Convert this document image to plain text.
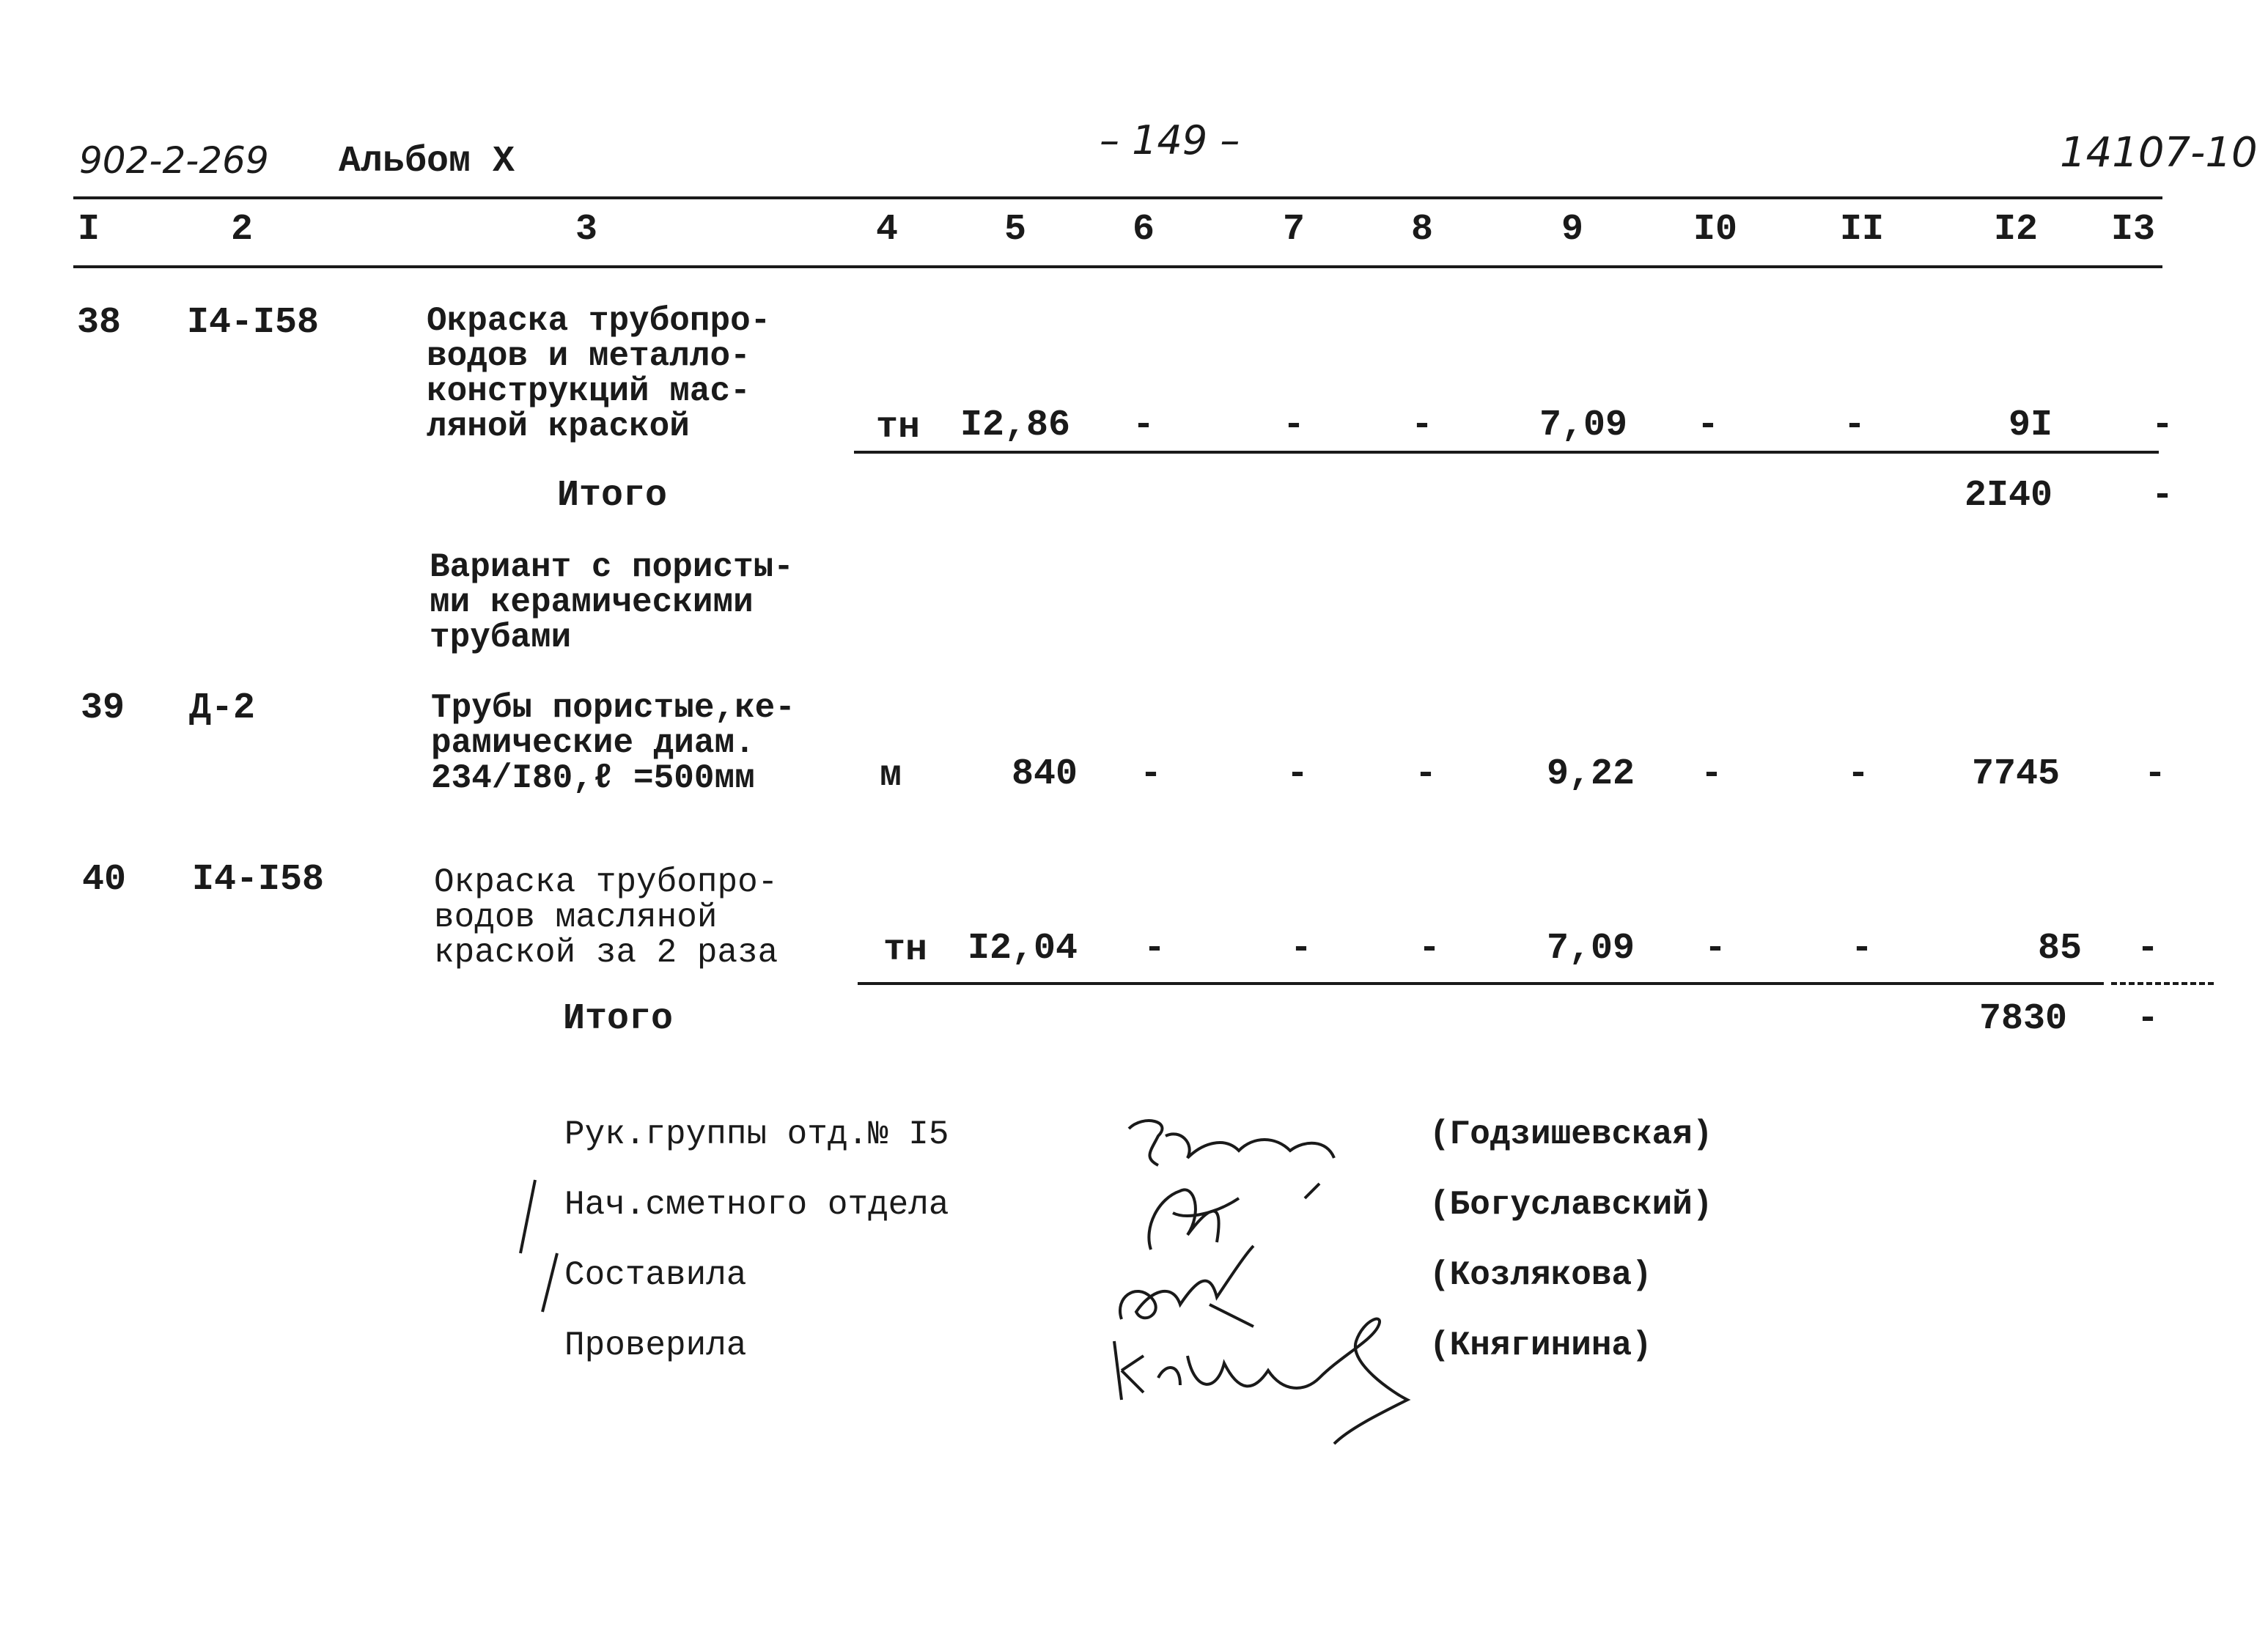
902-2-269 Альбом X	– 149 –	14107-10
I	2	3	4	5	6	7	8	9	I0	II	I2 I3
38 I4-I58	Окраска трубопро-
водов и металло-
конструкций мас-
ляной краской	тн I2,86 -	-	-	7,09 -	-	9I	-
Итого	2I40	-
Вариант с пористы-
ми керамическими
трубами
39 Д-2	Трубы пористые,ке-
рамические диам.
234/I80,ℓ =500мм	м	840 -	-	-	9,22 -	-	7745 -
40 I4-I58	Окраска трубопро-
водов масляной
краской за 2 раза	тн	I2,04 -	-	-	7,09 -	-	85 -
Итого	7830 -
Рук.группы отд.№ I5	(Годзишевская)
Нач.сметного отдела	(Богуславский)
Составила	(Козлякова)
Проверила	(Княгинина)
